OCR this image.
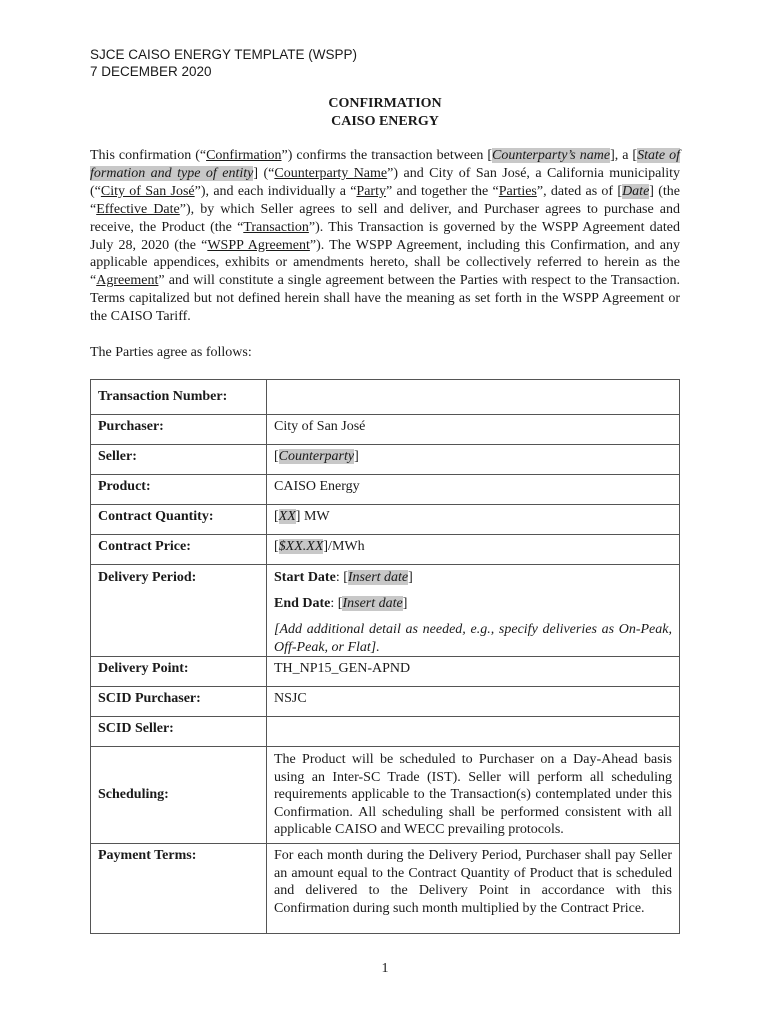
SJCE CAISO ENERGY TEMPLATE (WSPP)
7 DECEMBER 2020
CONFIRMATION
CAISO ENERGY
This confirmation (“Confirmation”) confirms the transaction between [Counterparty’s name], a [State of formation and type of entity] (“Counterparty Name”) and City of San José, a California municipality (“City of San José”), and each individually a “Party” and together the “Parties”, dated as of [Date] (the “Effective Date”), by which Seller agrees to sell and deliver, and Purchaser agrees to purchase and receive, the Product (the “Transaction”). This Transaction is governed by the WSPP Agreement dated July 28, 2020 (the “WSPP Agreement”). The WSPP Agreement, including this Confirmation, and any applicable appendices, exhibits or amendments hereto, shall be collectively referred to herein as the “Agreement” and will constitute a single agreement between the Parties with respect to the Transaction. Terms capitalized but not defined herein shall have the meaning as set forth in the WSPP Agreement or the CAISO Tariff.
The Parties agree as follows:
Transaction Number:	
Purchaser:	City of San José
Seller:	[Counterparty]
Product:	CAISO Energy
Contract Quantity:	[XX] MW
Contract Price:	[$XX.XX]/MWh
Delivery Period:	Start Date: [Insert date]
End Date: [Insert date]
[Add additional detail as needed, e.g., specify deliveries as On-Peak, Off-Peak, or Flat].

Delivery Point:	TH_NP15_GEN-APND
SCID Purchaser:	NSJC
SCID Seller:	
Scheduling:	The Product will be scheduled to Purchaser on a Day-Ahead basis using an Inter-SC Trade (IST). Seller will perform all scheduling requirements applicable to the Transaction(s) contemplated under this Confirmation. All scheduling shall be performed consistent with all applicable CAISO and WECC prevailing protocols.
Payment Terms:	For each month during the Delivery Period, Purchaser shall pay Seller an amount equal to the Contract Quantity of Product that is scheduled and delivered to the Delivery Point in accordance with this Confirmation during such month multiplied by the Contract Price.
1
